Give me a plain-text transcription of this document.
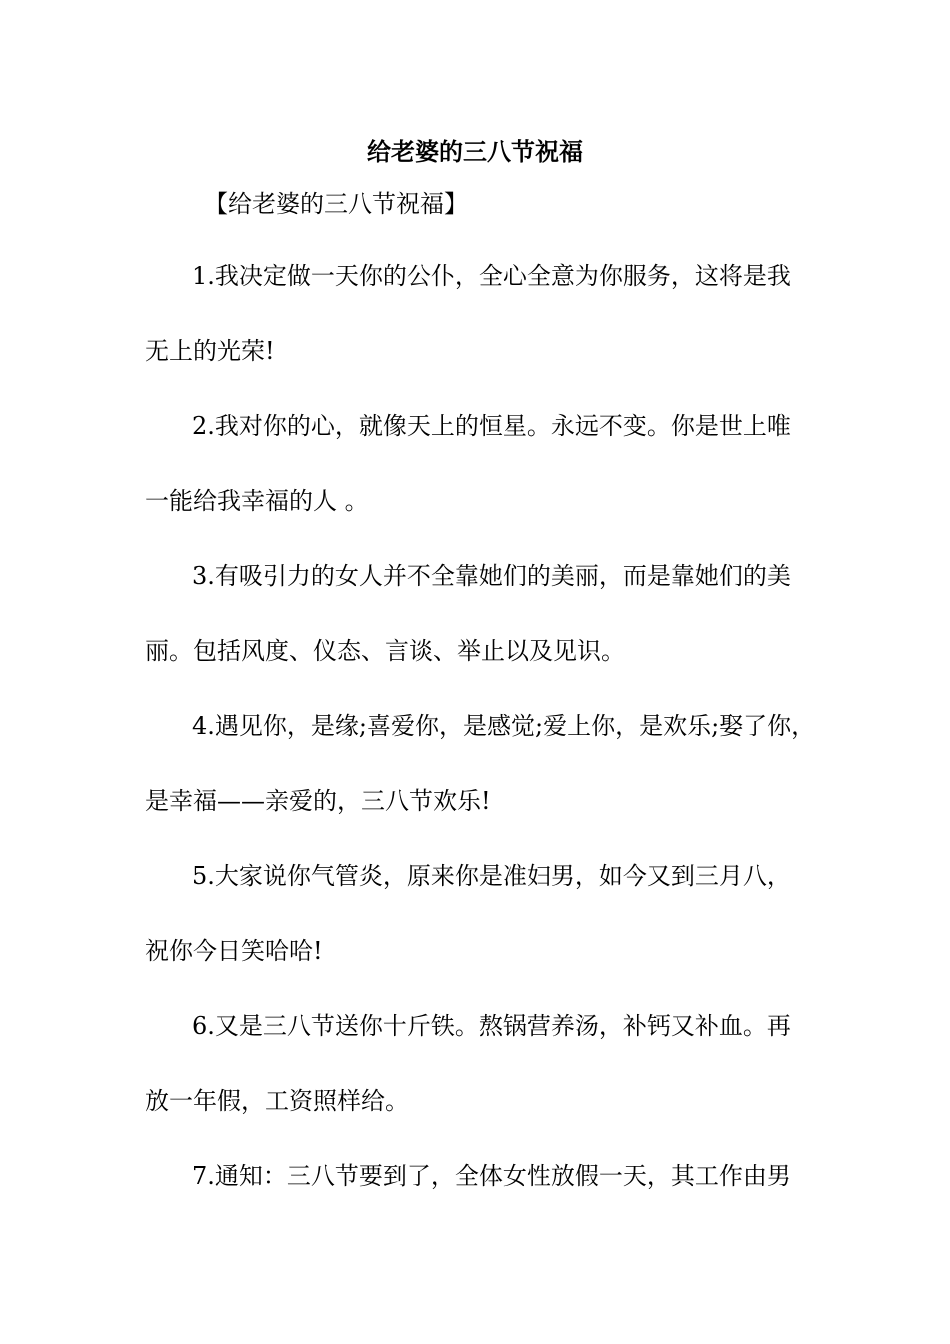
给老婆的三八节祝福
【给老婆的三八节祝福】
1.我决定做一天你的公仆，全心全意为你服务，这将是我
无上的光荣!
2.我对你的心，就像天上的恒星。永远不变。你是世上唯
一能给我幸福的人 。
3.有吸引力的女人并不全靠她们的美丽，而是靠她们的美
丽。包括风度、仪态、言谈、举止以及见识。
4.遇见你，是缘;喜爱你，是感觉;爱上你，是欢乐;娶了你，
是幸福——亲爱的，三八节欢乐!
5.大家说你气管炎，原来你是准妇男，如今又到三月八，
祝你今日笑哈哈!
6.又是三八节送你十斤铁。熬锅营养汤，补钙又补血。再
放一年假，工资照样给。
7.通知：三八节要到了，全体女性放假一天，其工作由男
